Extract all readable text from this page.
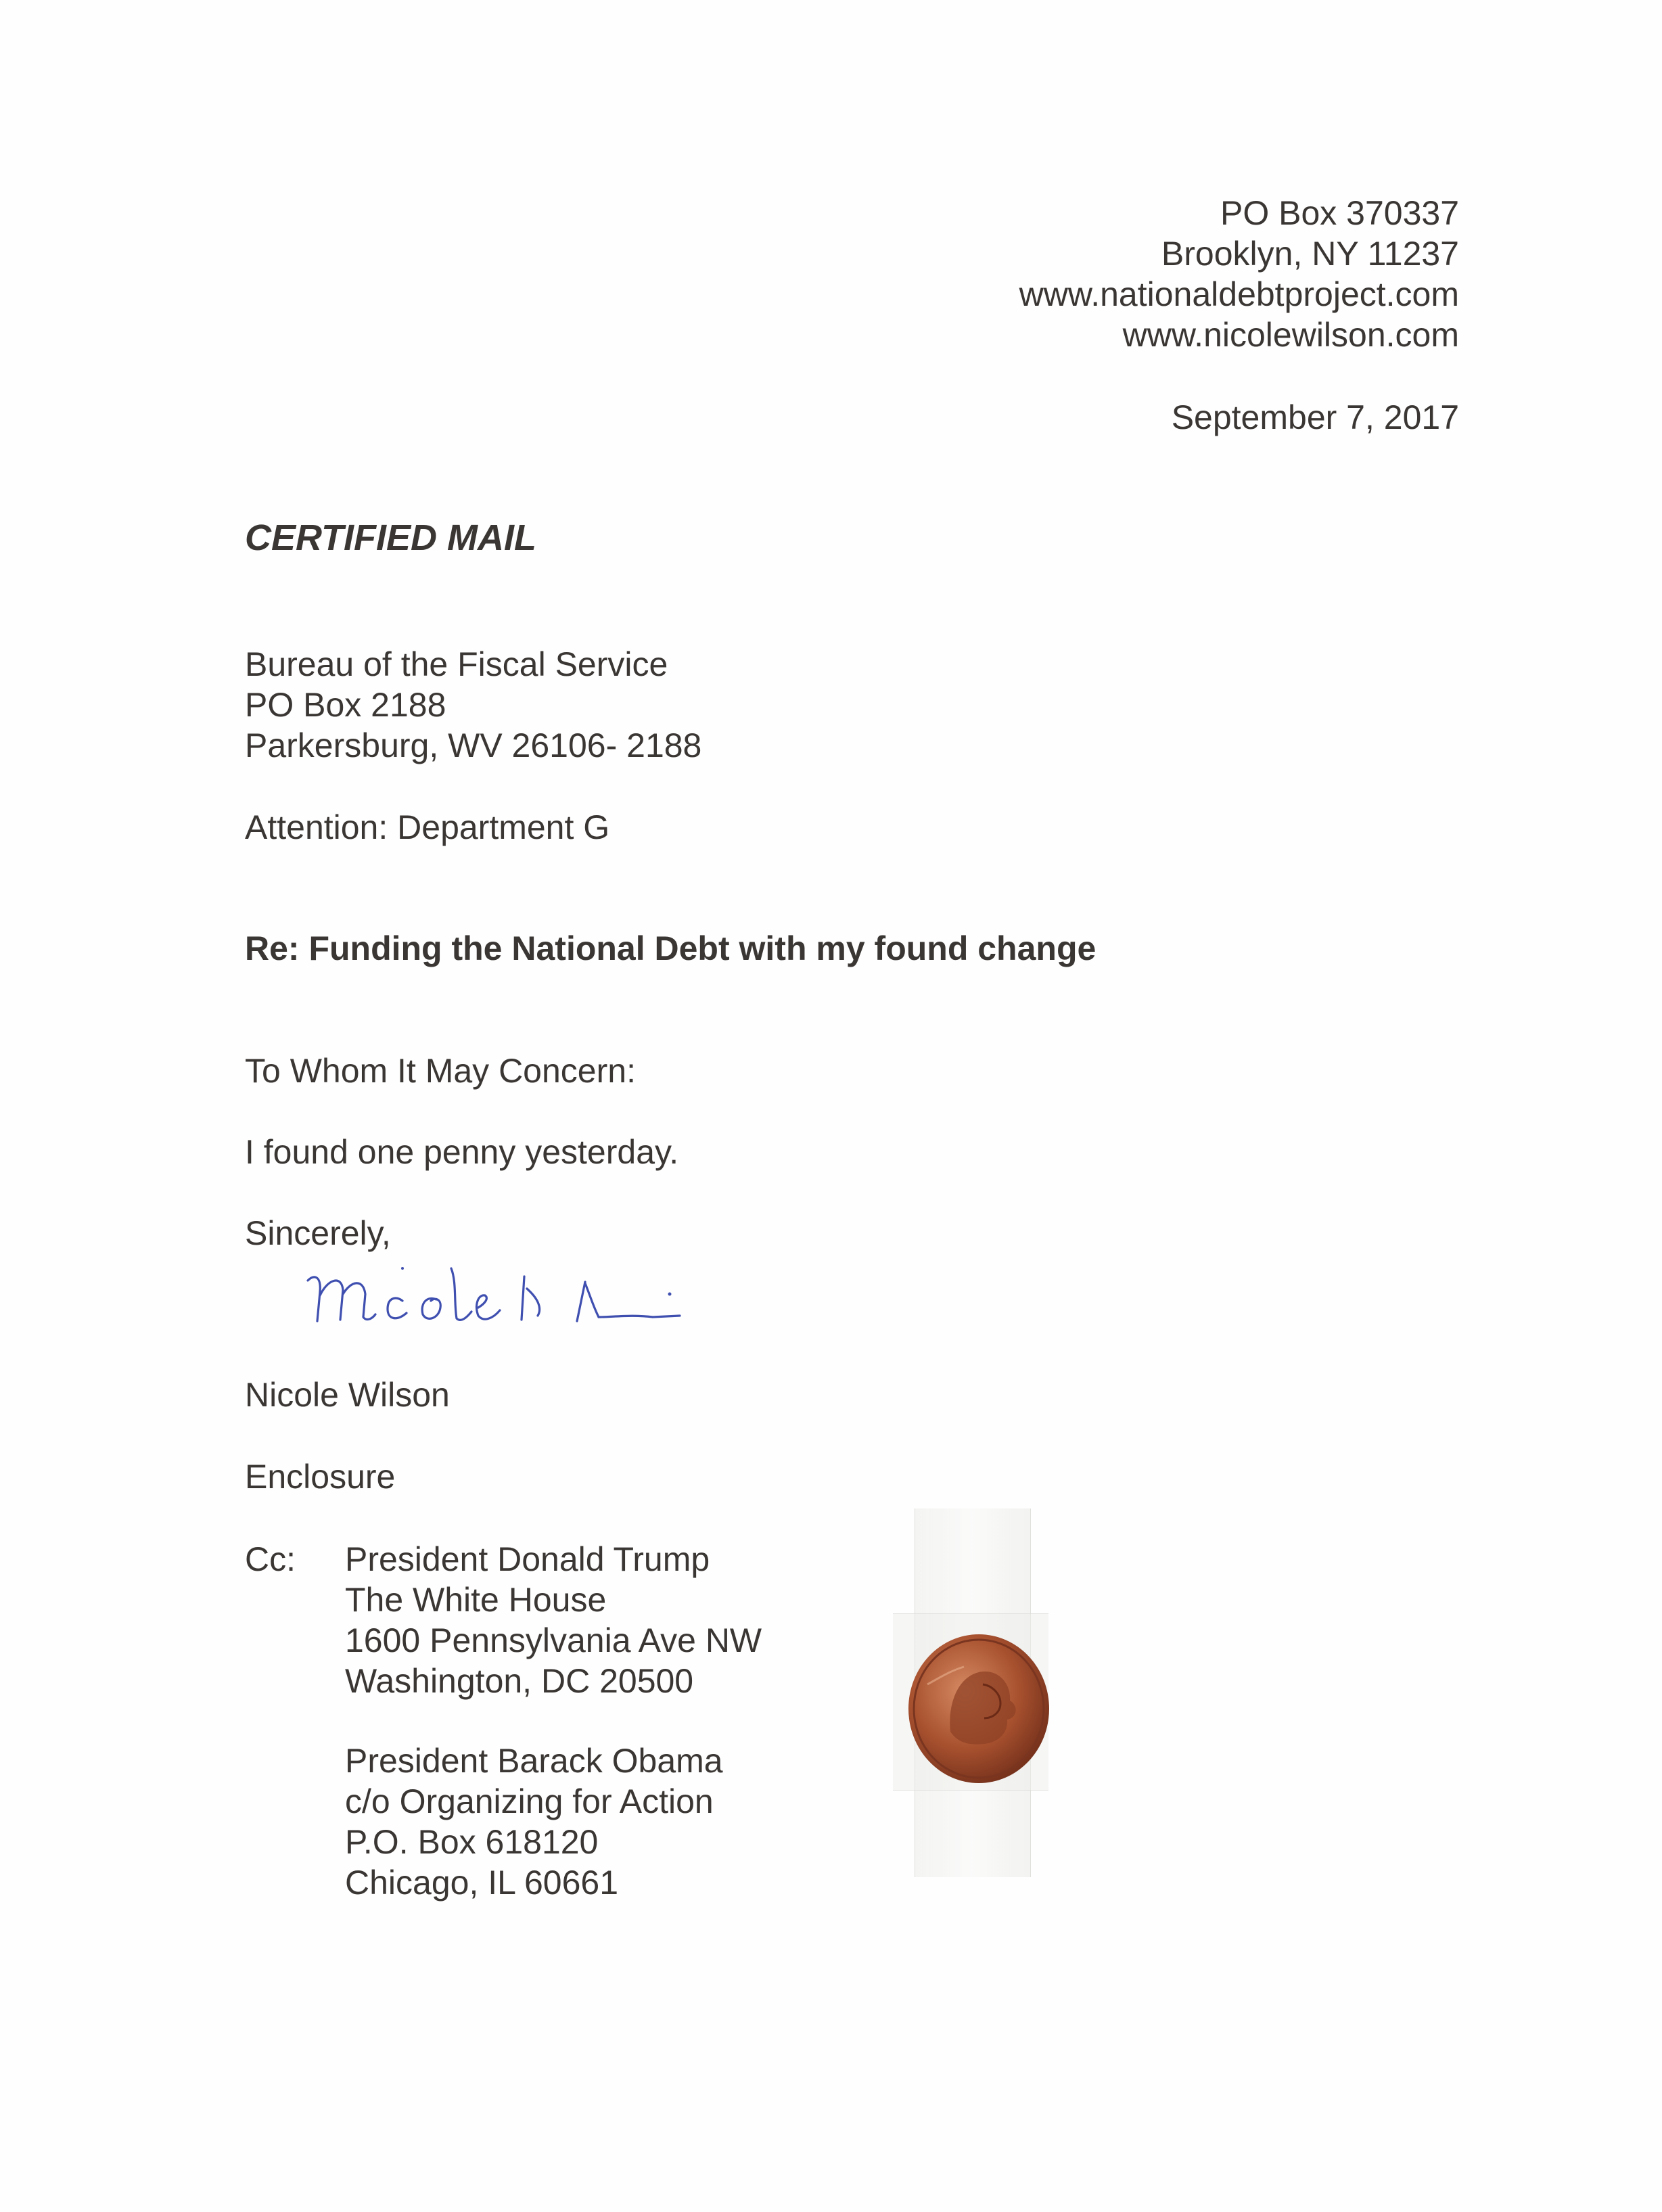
PO Box 370337
Brooklyn, NY 11237
www.nationaldebtproject.com
www.nicolewilson.com
September 7, 2017
CERTIFIED MAIL
Bureau of the Fiscal Service
PO Box 2188
Parkersburg, WV 26106- 2188
Attention: Department G
Re: Funding the National Debt with my found change
To Whom It May Concern:
I found one penny yesterday.
Sincerely,
Nicole Wilson
Enclosure
Cc: President Donald Trump
The White House
1600 Pennsylvania Ave NW
Washington, DC 20500
President Barack Obama
c/o Organizing for Action
P.O. Box 618120
Chicago, IL 60661
